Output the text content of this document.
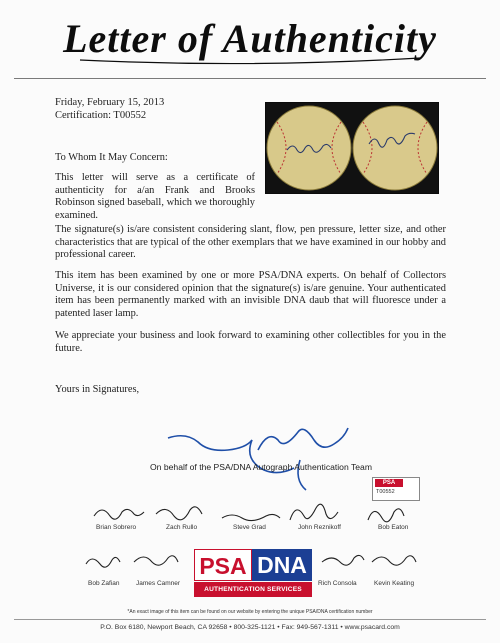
Letter of Authenticity
Friday, February 15, 2013
Certification: T00552
To Whom It May Concern:

This letter will serve as a certificate of authenticity for a/an Frank and Brooks Robinson signed baseball, which we thoroughly examined.

The signature(s) is/are consistent considering slant, flow, pen pressure, letter size, and other characteristics that are typical of the other exemplars that we have examined in our hobby and professional career.

This item has been examined by one or more PSA/DNA experts. On behalf of Collectors Universe, it is our considered opinion that the signature(s) is/are genuine. Your authenticated item has been permanently marked with an invisible DNA daub that will fluoresce under a patented laser lamp.

We appreciate your business and look forward to examining other collectibles for you in the future.

Yours in Signatures,
On behalf of the PSA/DNA Autograph Authentication Team
PSA
T00552
Brian Sobrero	Zach Rullo	Steve Grad	John Reznikoff	Bob Eaton
Bob Zafian	James Camner	Rich Consola	Kevin Keating
PSA DNA
AUTHENTICATION SERVICES
*An exact image of this item can be found on our website by entering the unique PSA/DNA certification number
P.O. Box 6180, Newport Beach, CA 92658 • 800-325-1121 • Fax: 949-567-1311 • www.psacard.com
